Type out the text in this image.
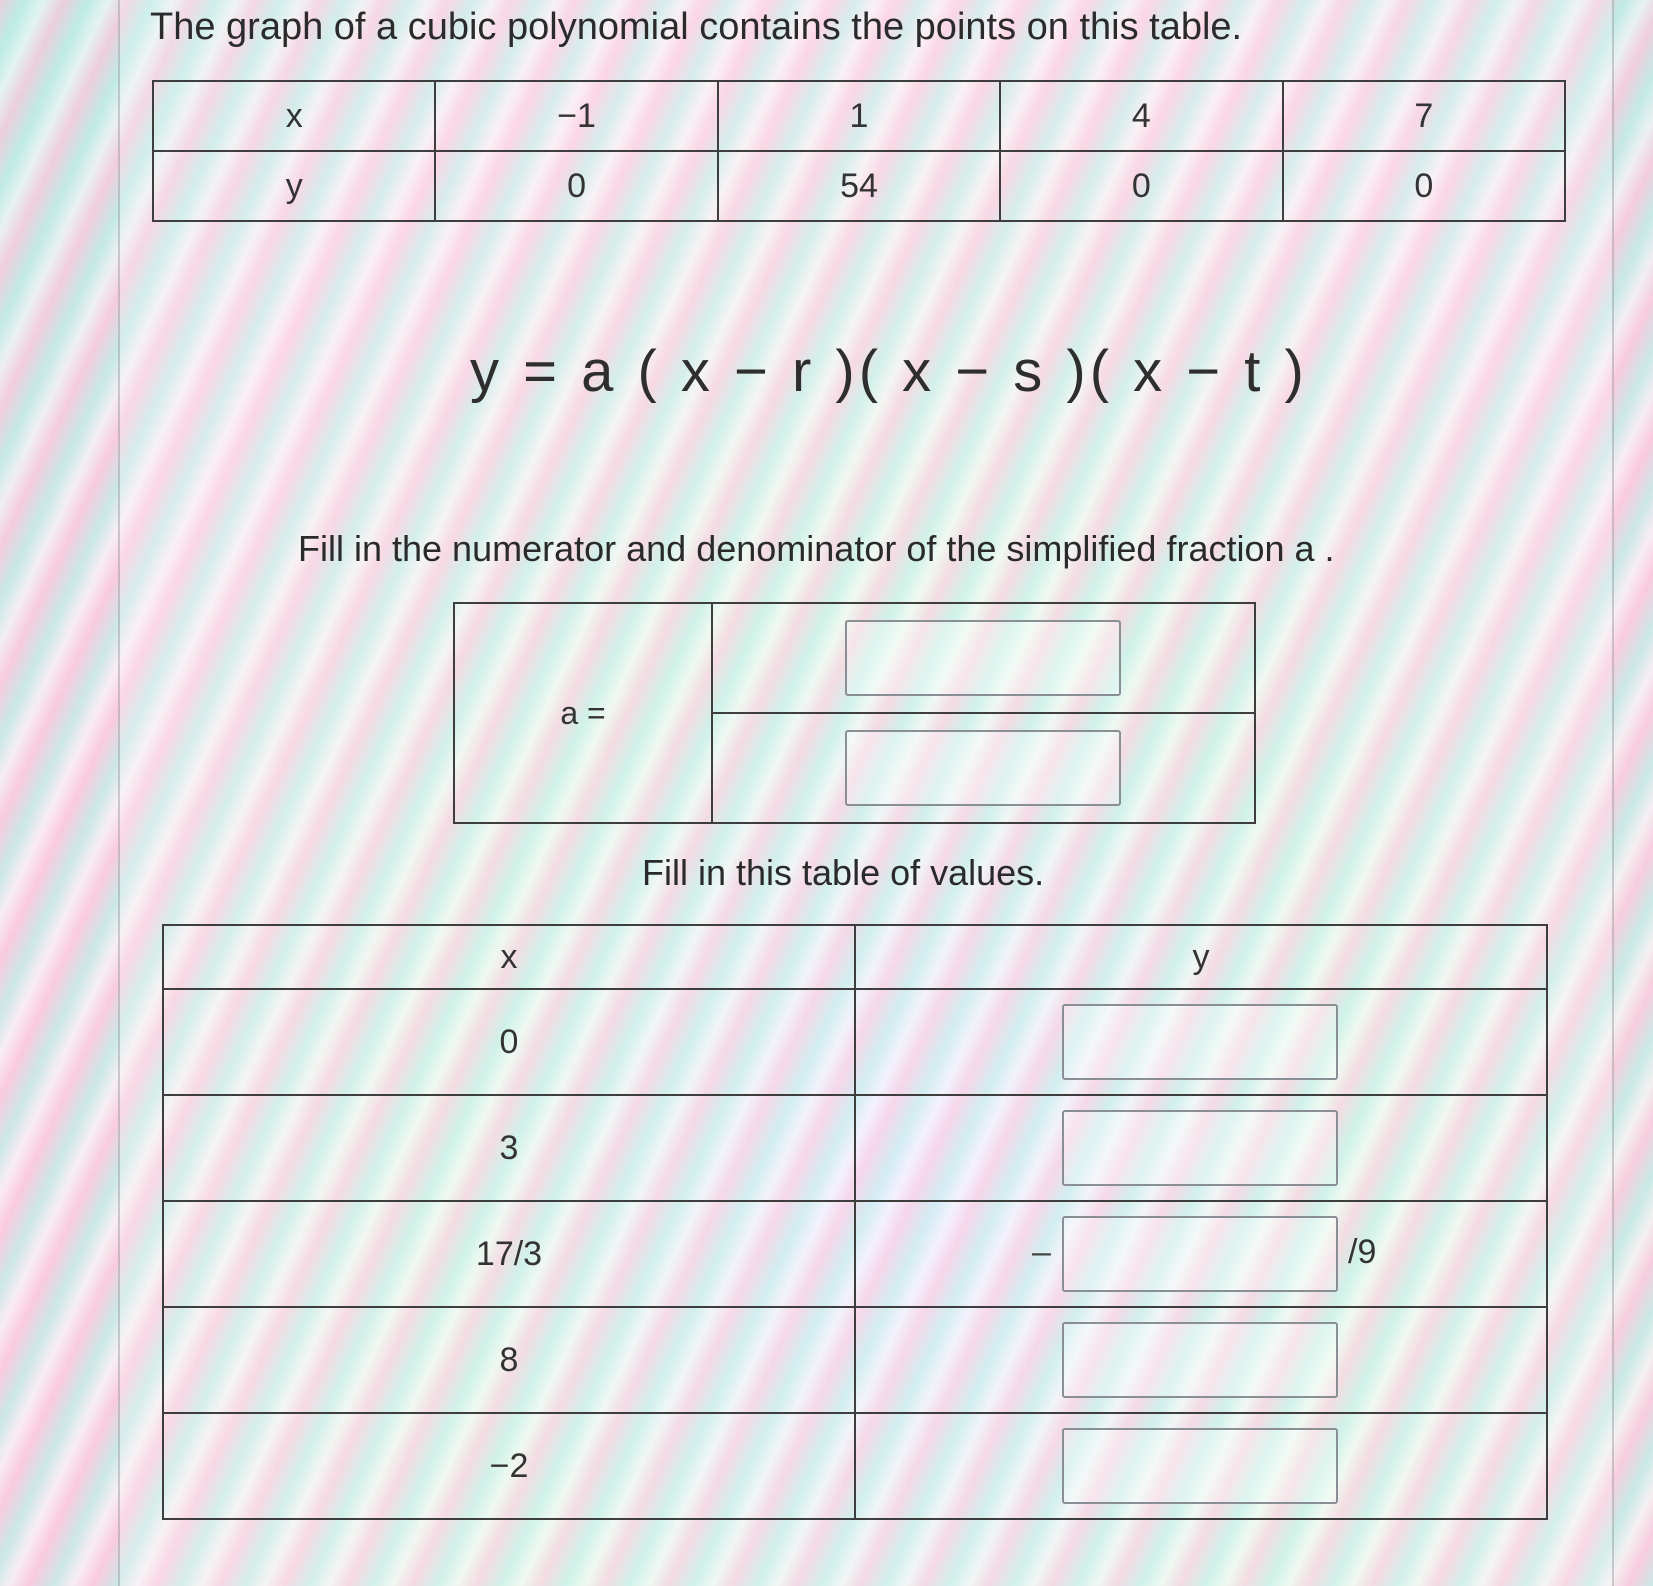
The graph of a cubic polynomial contains the points on this table.
x	−1	1	4	7
y	0	54	0	0
y = a ( x − r )( x − s )( x − t )
Fill in the numerator and denominator of the simplified fraction a .
a =	

Fill in this table of values.
x	y
0	
3	
17/3	– /9
8	
−2	
